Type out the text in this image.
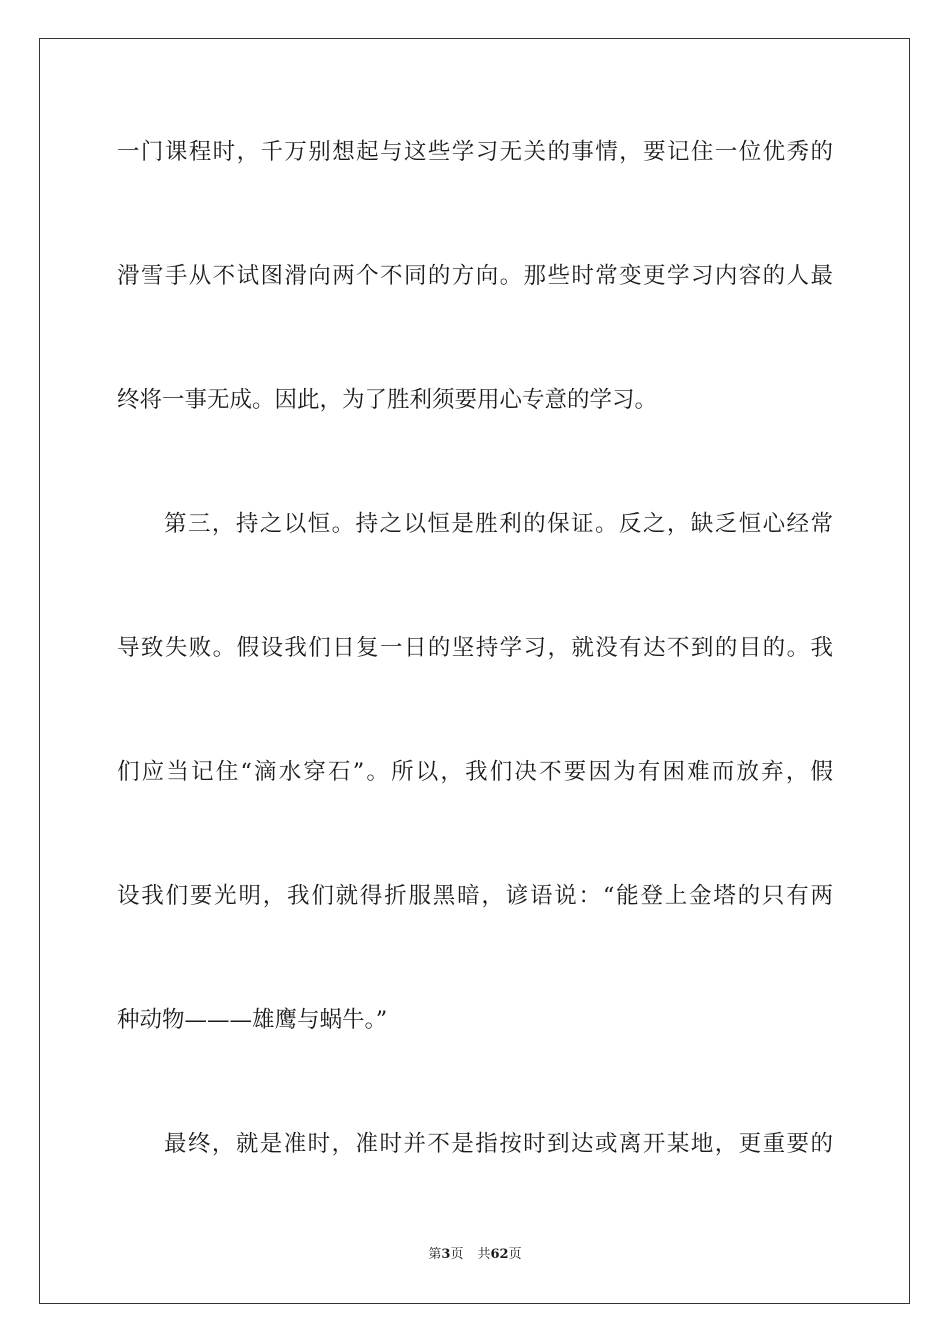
一门课程时，千万别想起与这些学习无关的事情，要记住一位优秀的
滑雪手从不试图滑向两个不同的方向。那些时常变更学习内容的人最
终将一事无成。因此，为了胜利须要用心专意的学习。
第三，持之以恒。持之以恒是胜利的保证。反之，缺乏恒心经常
导致失败。假设我们日复一日的坚持学习，就没有达不到的目的。我
们应当记住“滴水穿石”。所以，我们决不要因为有困难而放弃，假
设我们要光明，我们就得折服黑暗，谚语说：“能登上金塔的只有两
种动物———雄鹰与蜗牛。”
最终，就是准时，准时并不是指按时到达或离开某地，更重要的
第3页 共62页
